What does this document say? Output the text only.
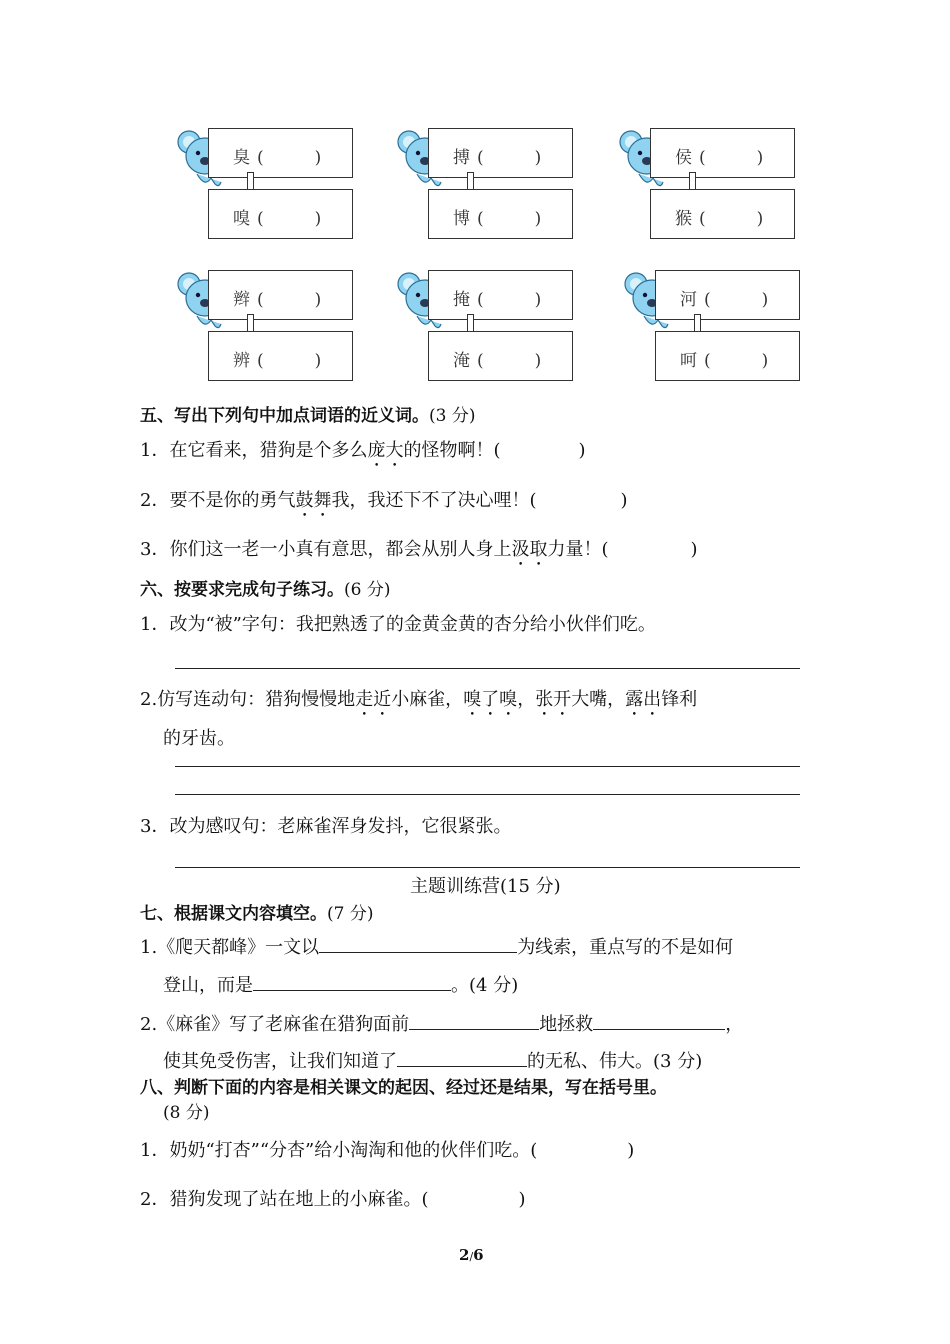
臭 (　　　)
嗅 (　　　)
搏 (　　　)
博 (　　　)
侯 (　　　)
猴 (　　　)
辫 (　　　)
辨 (　　　)
掩 (　　　)
淹 (　　　)
河 (　　　)
呵 (　　　)
五、写出下列句中加点词语的近义词。(3 分)
1．在它看来，猎狗是个多么庞大的怪物啊！(	)
2．要不是你的勇气鼓舞我，我还下不了决心哩！(	)
3．你们这一老一小真有意思，都会从别人身上汲取力量！(	)
六、按要求完成句子练习。(6 分)
1．改为“被”字句：我把熟透了的金黄金黄的杏分给小伙伴们吃。
2.仿写连动句：猎狗慢慢地走近小麻雀，嗅了嗅，张开大嘴，露出锋利
的牙齿。
3．改为感叹句：老麻雀浑身发抖，它很紧张。
主题训练营(15 分)
七、根据课文内容填空。(7 分)
1.《爬天都峰》一文以	为线索，重点写的不是如何
登山，而是	。(4 分)
2.《麻雀》写了老麻雀在猎狗面前	地拯救	，
使其免受伤害，让我们知道了	的无私、伟大。(3 分)
八、判断下面的内容是相关课文的起因、经过还是结果，写在括号里。
(8 分)
1．奶奶“打杏”“分杏”给小淘淘和他的伙伴们吃。(	)
2．猎狗发现了站在地上的小麻雀。(	)
2/6
